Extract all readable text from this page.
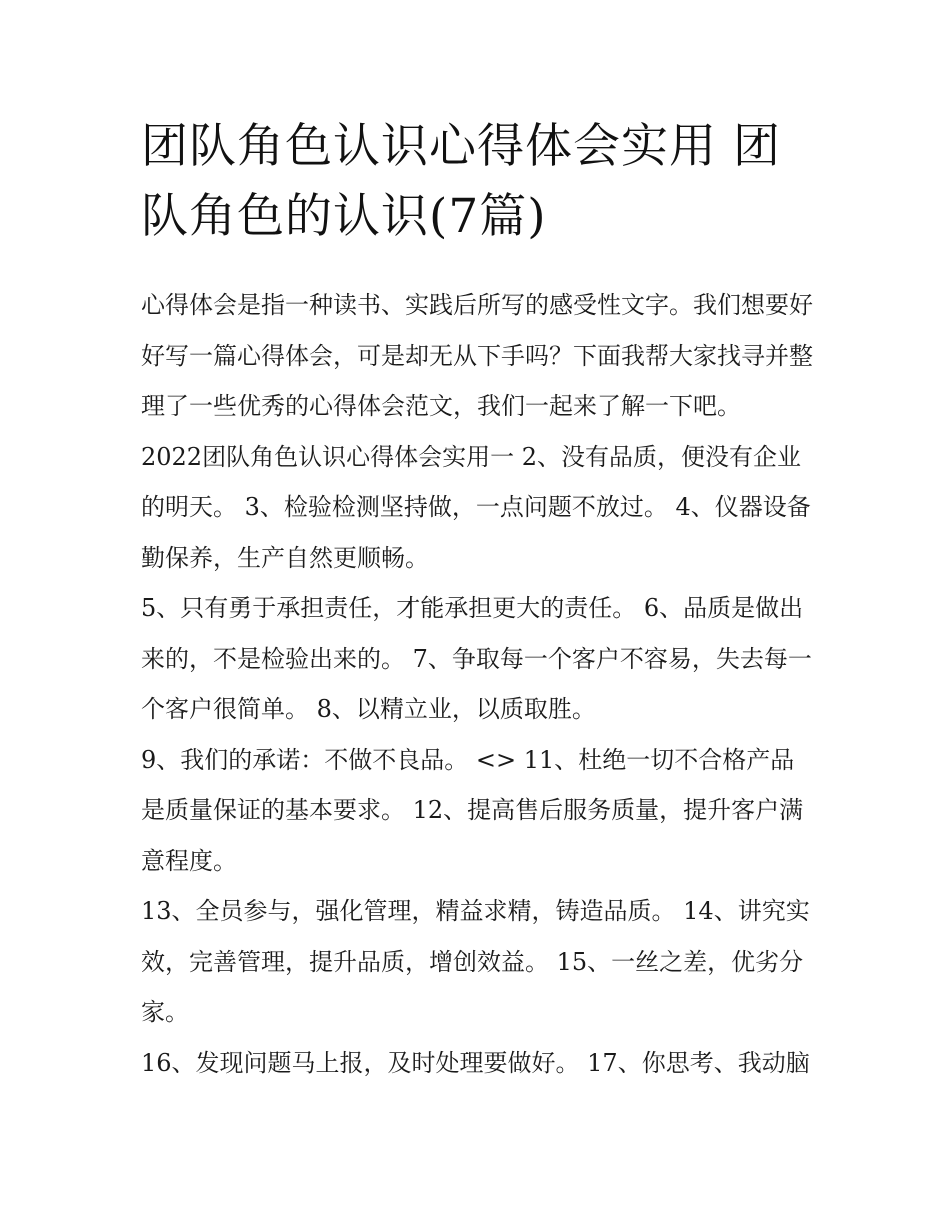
团队角色认识心得体会实用 团队角色的认识(7篇)

心得体会是指一种读书、实践后所写的感受性文字。我们想要好好写一篇心得体会，可是却无从下手吗？下面我帮大家找寻并整理了一些优秀的心得体会范文，我们一起来了解一下吧。

2022团队角色认识心得体会实用一 2、没有品质，便没有企业的明天。 3、检验检测坚持做，一点问题不放过。 4、仪器设备勤保养，生产自然更顺畅。

5、只有勇于承担责任，才能承担更大的责任。 6、品质是做出来的，不是检验出来的。 7、争取每一个客户不容易，失去每一个客户很简单。 8、以精立业，以质取胜。

9、我们的承诺：不做不良品。 <> 11、杜绝一切不合格产品是质量保证的基本要求。 12、提高售后服务质量，提升客户满意程度。

13、全员参与，强化管理，精益求精，铸造品质。 14、讲究实效，完善管理，提升品质，增创效益。 15、一丝之差，优劣分家。

16、发现问题马上报，及时处理要做好。 17、你思考、我动脑
